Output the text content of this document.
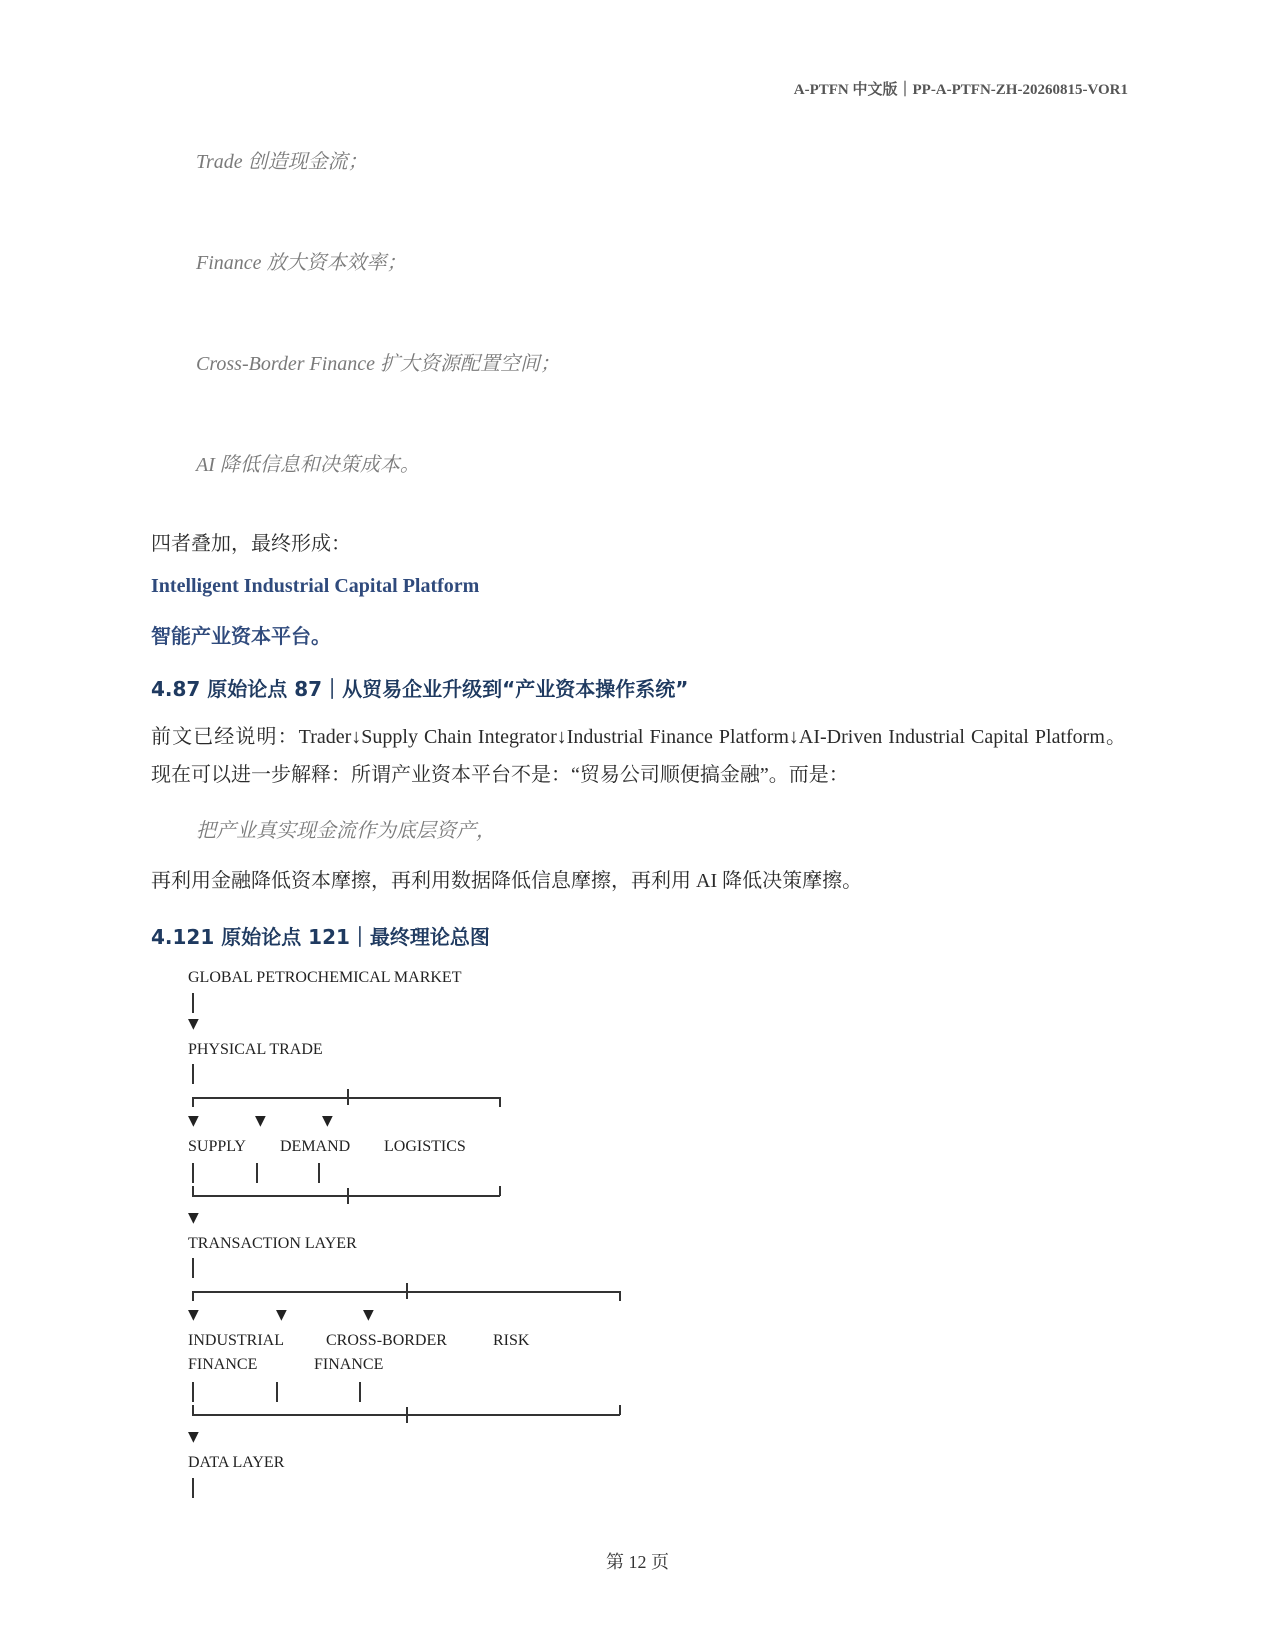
A-PTFN 中文版｜PP-A-PTFN-ZH-20260815-VOR1

Trade 创造现金流；

Finance 放大资本效率；

Cross-Border Finance 扩大资源配置空间；

AI 降低信息和决策成本。

四者叠加，最终形成：

Intelligent Industrial Capital Platform

智能产业资本平台。

4.87 原始论点 87｜从贸易企业升级到“产业资本操作系统”

前文已经说明：Trader↓Supply Chain Integrator↓Industrial Finance Platform↓AI-Driven Industrial Capital Platform。现在可以进一步解释：所谓产业资本平台不是：“贸易公司顺便搞金融”。而是：

把产业真实现金流作为底层资产，

再利用金融降低资本摩擦，再利用数据降低信息摩擦，再利用 AI 降低决策摩擦。

4.121 原始论点 121｜最终理论总图
GLOBAL PETROCHEMICAL MARKET
▼
PHYSICAL TRADE
▼	▼	▼
SUPPLY DEMAND LOGISTICS
▼
TRANSACTION LAYER
▼	▼	▼
INDUSTRIAL	CROSS-BORDER	RISK
FINANCE	FINANCE
▼
DATA LAYER
第 12 页
